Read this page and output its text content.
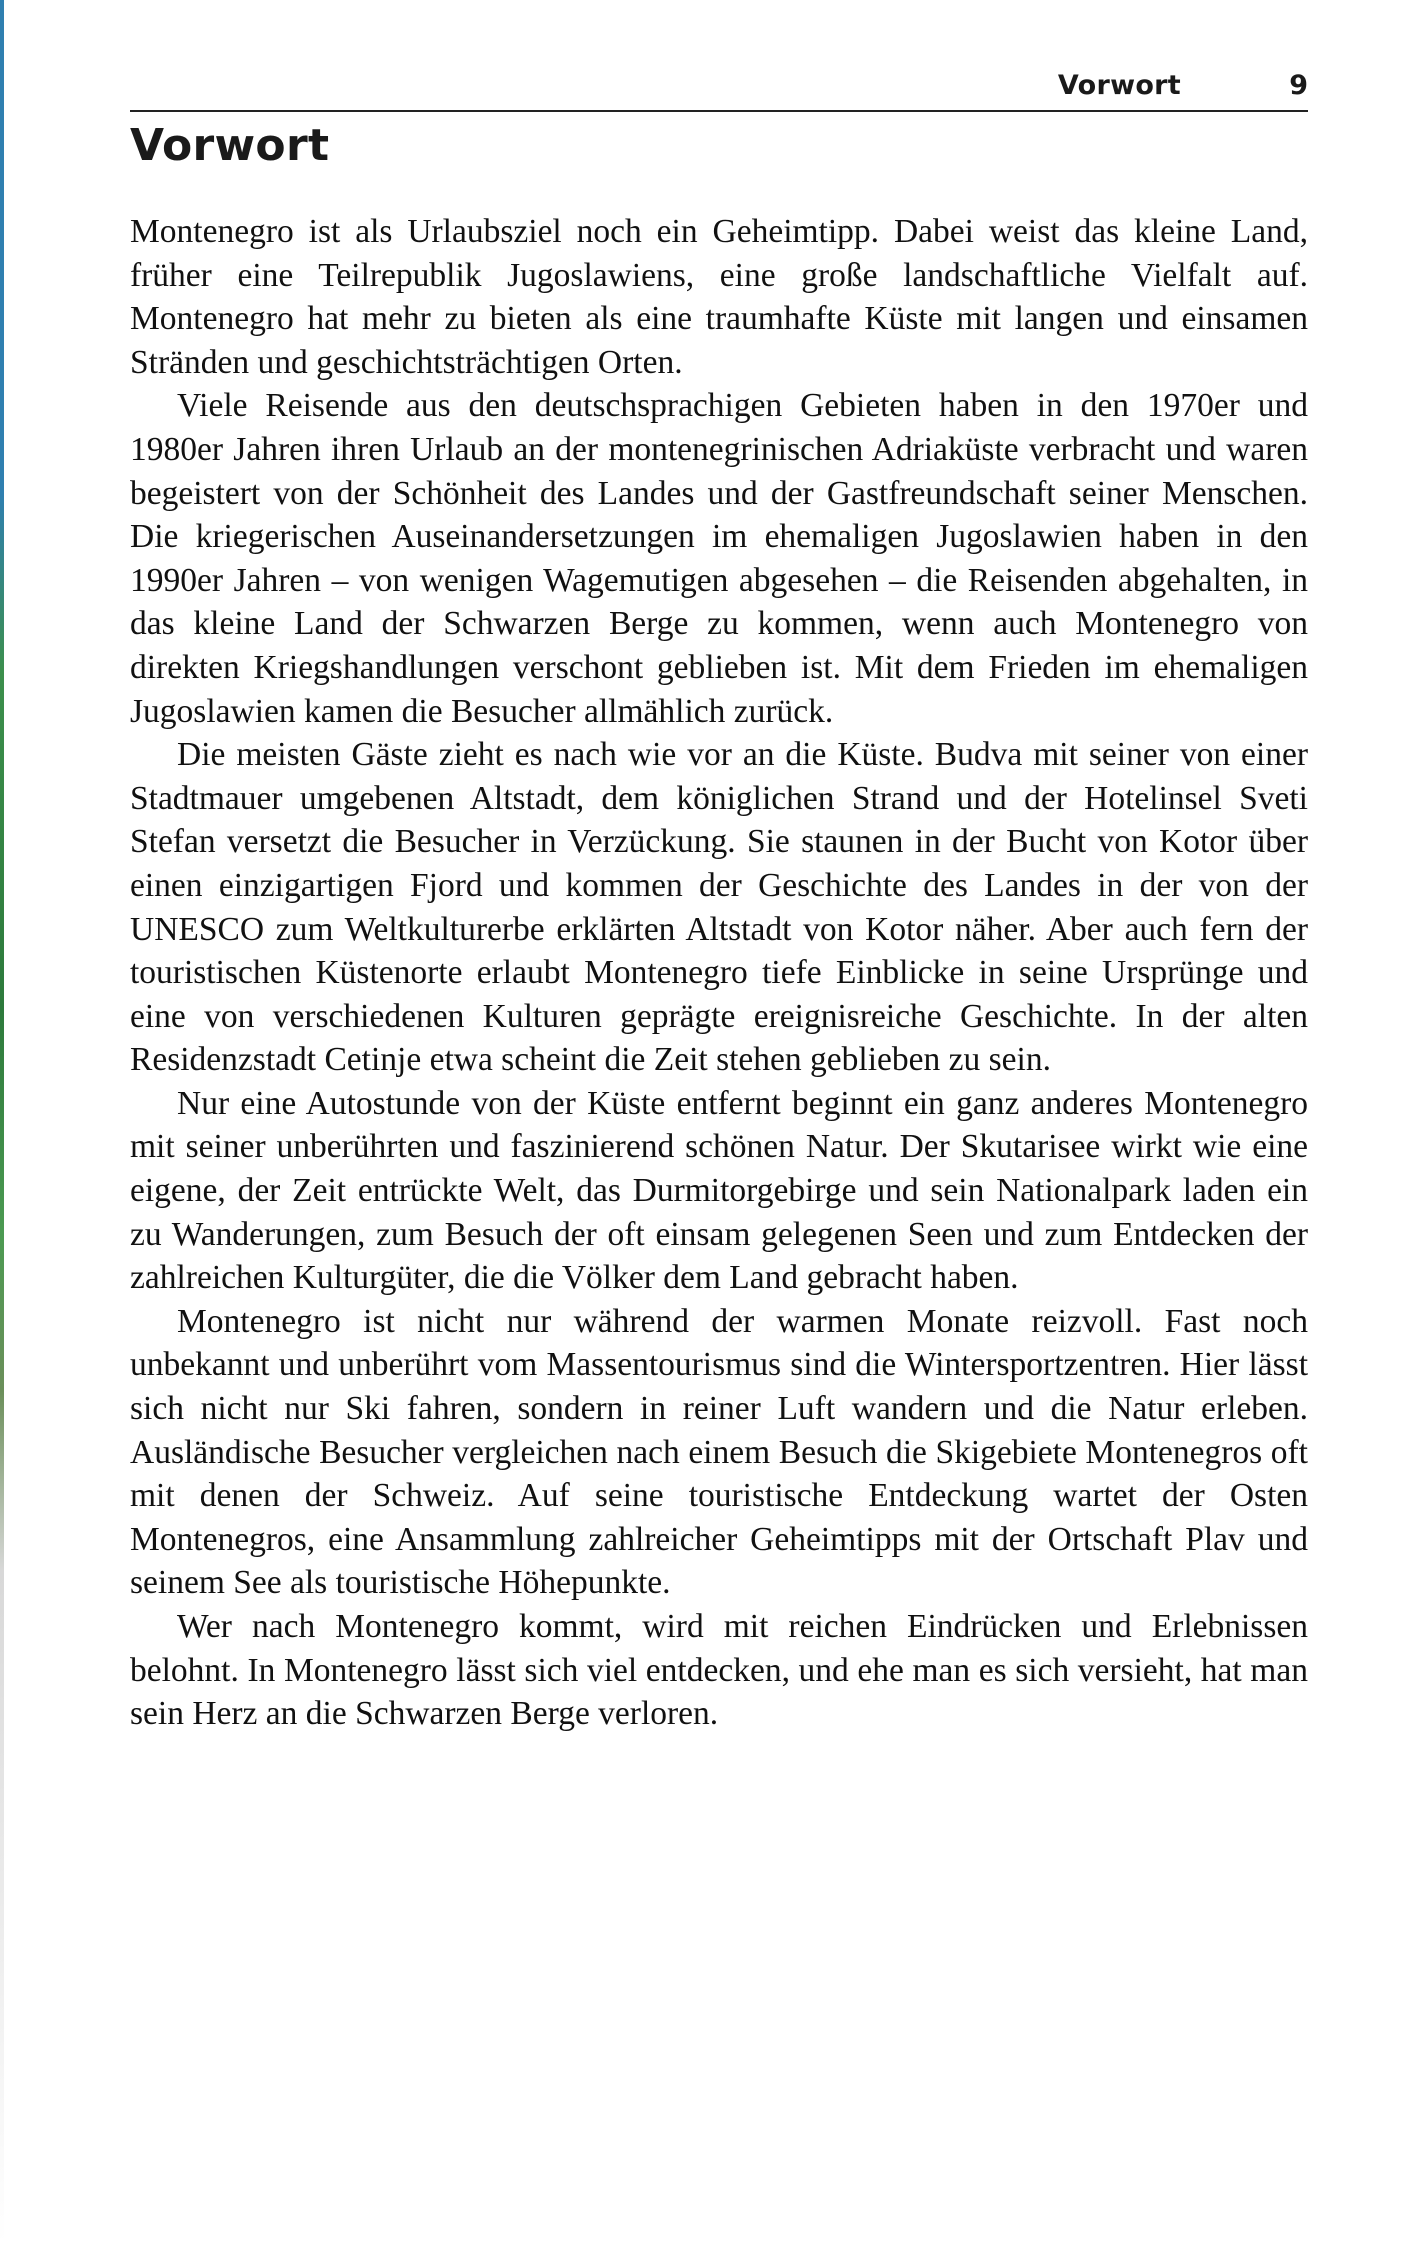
Vorwort	9
Vorwort

Montenegro ist als Urlaubsziel noch ein Geheimtipp. Dabei weist das kleine Land, früher eine Teilrepublik Jugoslawiens, eine große landschaftliche Vielfalt auf. Montenegro hat mehr zu bieten als eine traumhafte Küste mit langen und einsamen Stränden und geschichtsträchtigen Orten.

Viele Reisende aus den deutschsprachigen Gebieten haben in den 1970er und 1980er Jahren ihren Urlaub an der montenegrinischen Adriaküste verbracht und waren begeistert von der Schönheit des Landes und der Gastfreundschaft seiner Menschen. Die kriegerischen Auseinandersetzungen im ehemaligen Jugoslawien haben in den 1990er Jahren – von wenigen Wagemutigen abgesehen – die Reisenden abgehalten, in das kleine Land der Schwarzen Berge zu kommen, wenn auch Montenegro von direkten Kriegshandlungen verschont geblieben ist. Mit dem Frieden im ehemaligen Jugoslawien kamen die Besucher allmählich zurück.

Die meisten Gäste zieht es nach wie vor an die Küste. Budva mit seiner von einer Stadtmauer umgebenen Altstadt, dem königlichen Strand und der Hotelinsel Sveti Stefan versetzt die Besucher in Verzückung. Sie staunen in der Bucht von Kotor über einen einzigartigen Fjord und kommen der Geschichte des Landes in der von der UNESCO zum Weltkulturerbe erklärten Altstadt von Kotor näher. Aber auch fern der touristischen Küstenorte erlaubt Montenegro tiefe Einblicke in seine Ursprünge und eine von verschiedenen Kulturen geprägte ereignisreiche Geschichte. In der alten Residenzstadt Cetinje etwa scheint die Zeit stehen geblieben zu sein.

Nur eine Autostunde von der Küste entfernt beginnt ein ganz anderes Montenegro mit seiner unberührten und faszinierend schönen Natur. Der Skutarisee wirkt wie eine eigene, der Zeit entrückte Welt, das Durmitorgebirge und sein Nationalpark laden ein zu Wanderungen, zum Besuch der oft einsam gelegenen Seen und zum Entdecken der zahlreichen Kulturgüter, die die Völker dem Land gebracht haben.

Montenegro ist nicht nur während der warmen Monate reizvoll. Fast noch unbekannt und unberührt vom Massentourismus sind die Wintersportzentren. Hier lässt sich nicht nur Ski fahren, sondern in reiner Luft wandern und die Natur erleben. Ausländische Besucher vergleichen nach einem Besuch die Skigebiete Montenegros oft mit denen der Schweiz. Auf seine touristische Entdeckung wartet der Osten Montenegros, eine Ansammlung zahlreicher Geheimtipps mit der Ortschaft Plav und seinem See als touristische Höhepunkte.

Wer nach Montenegro kommt, wird mit reichen Eindrücken und Erlebnissen belohnt. In Montenegro lässt sich viel entdecken, und ehe man es sich versieht, hat man sein Herz an die Schwarzen Berge verloren.
